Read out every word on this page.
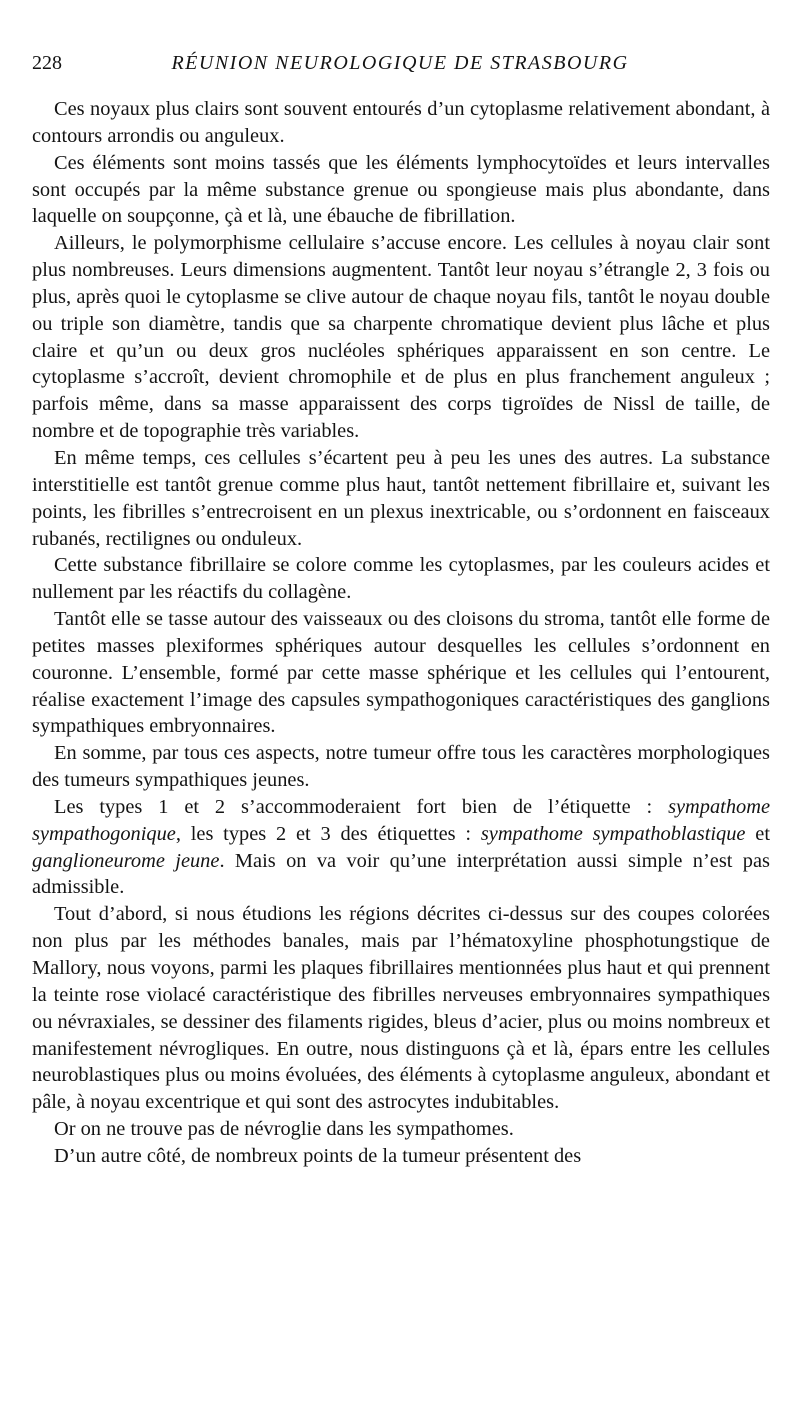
228	RÉUNION NEUROLOGIQUE DE STRASBOURG

Ces noyaux plus clairs sont souvent entourés d’un cytoplasme relativement abondant, à contours arrondis ou anguleux.

Ces éléments sont moins tassés que les éléments lymphocytoïdes et leurs intervalles sont occupés par la même substance grenue ou spongieuse mais plus abondante, dans laquelle on soupçonne, çà et là, une ébauche de fibrillation.

Ailleurs, le polymorphisme cellulaire s’accuse encore. Les cellules à noyau clair sont plus nombreuses. Leurs dimensions augmentent. Tantôt leur noyau s’étrangle 2, 3 fois ou plus, après quoi le cytoplasme se clive autour de chaque noyau fils, tantôt le noyau double ou triple son diamètre, tandis que sa charpente chromatique devient plus lâche et plus claire et qu’un ou deux gros nucléoles sphériques apparaissent en son centre. Le cytoplasme s’accroît, devient chromophile et de plus en plus franchement anguleux ; parfois même, dans sa masse apparaissent des corps tigroïdes de Nissl de taille, de nombre et de topographie très variables.

En même temps, ces cellules s’écartent peu à peu les unes des autres. La substance interstitielle est tantôt grenue comme plus haut, tantôt nettement fibrillaire et, suivant les points, les fibrilles s’entrecroisent en un plexus inextricable, ou s’ordonnent en faisceaux rubanés, rectilignes ou onduleux.

Cette substance fibrillaire se colore comme les cytoplasmes, par les couleurs acides et nullement par les réactifs du collagène.

Tantôt elle se tasse autour des vaisseaux ou des cloisons du stroma, tantôt elle forme de petites masses plexiformes sphériques autour desquelles les cellules s’ordonnent en couronne. L’ensemble, formé par cette masse sphérique et les cellules qui l’entourent, réalise exactement l’image des capsules sympathogoniques caractéristiques des ganglions sympathiques embryonnaires.

En somme, par tous ces aspects, notre tumeur offre tous les caractères morphologiques des tumeurs sympathiques jeunes.

Les types 1 et 2 s’accommoderaient fort bien de l’étiquette : sympathome sympathogonique, les types 2 et 3 des étiquettes : sympathome sympathoblastique et ganglioneurome jeune. Mais on va voir qu’une interprétation aussi simple n’est pas admissible.

Tout d’abord, si nous étudions les régions décrites ci-dessus sur des coupes colorées non plus par les méthodes banales, mais par l’hématoxyline phosphotungstique de Mallory, nous voyons, parmi les plaques fibrillaires mentionnées plus haut et qui prennent la teinte rose violacé caractéristique des fibrilles nerveuses embryonnaires sympathiques ou névraxiales, se dessiner des filaments rigides, bleus d’acier, plus ou moins nombreux et manifestement névrogliques. En outre, nous distinguons çà et là, épars entre les cellules neuroblastiques plus ou moins évoluées, des éléments à cytoplasme anguleux, abondant et pâle, à noyau excentrique et qui sont des astrocytes indubitables.

Or on ne trouve pas de névroglie dans les sympathomes.

D’un autre côté, de nombreux points de la tumeur présentent des
